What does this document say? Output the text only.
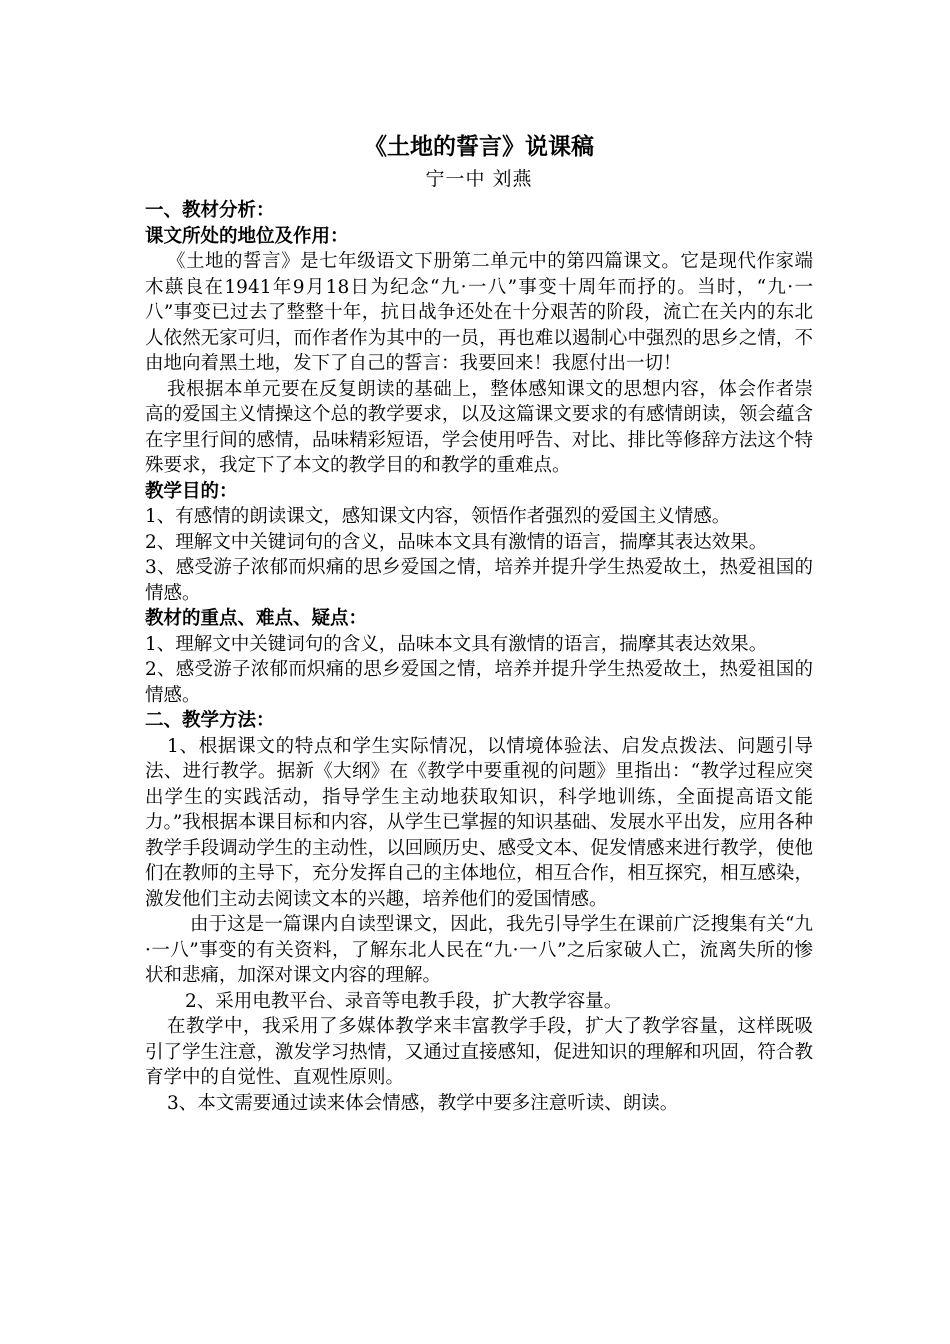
《土地的誓言》说课稿

宁一中 刘燕

一、教材分析：

课文所处的地位及作用：

《土地的誓言》是七年级语文下册第二单元中的第四篇课文。它是现代作家端木蕻良在1941年9月18日为纪念“九·一八”事变十周年而抒的。当时，“九·一八”事变已过去了整整十年，抗日战争还处在十分艰苦的阶段，流亡在关内的东北人依然无家可归，而作者作为其中的一员，再也难以遏制心中强烈的思乡之情，不由地向着黑土地，发下了自己的誓言：我要回来！我愿付出一切！

我根据本单元要在反复朗读的基础上，整体感知课文的思想内容，体会作者崇高的爱国主义情操这个总的教学要求，以及这篇课文要求的有感情朗读，领会蕴含在字里行间的感情，品味精彩短语，学会使用呼告、对比、排比等修辞方法这个特殊要求，我定下了本文的教学目的和教学的重难点。

教学目的：

1、有感情的朗读课文，感知课文内容，领悟作者强烈的爱国主义情感。

2、理解文中关键词句的含义，品味本文具有激情的语言，揣摩其表达效果。

3、感受游子浓郁而炽痛的思乡爱国之情，培养并提升学生热爱故土，热爱祖国的情感。

教材的重点、难点、疑点：

1、理解文中关键词句的含义，品味本文具有激情的语言，揣摩其表达效果。

2、感受游子浓郁而炽痛的思乡爱国之情，培养并提升学生热爱故土，热爱祖国的情感。

二、教学方法：

1、根据课文的特点和学生实际情况，以情境体验法、启发点拨法、问题引导法、进行教学。据新《大纲》在《教学中要重视的问题》里指出：“教学过程应突出学生的实践活动，指导学生主动地获取知识，科学地训练，全面提高语文能力。”我根据本课目标和内容，从学生已掌握的知识基础、发展水平出发，应用各种教学手段调动学生的主动性，以回顾历史、感受文本、促发情感来进行教学，使他们在教师的主导下，充分发挥自己的主体地位，相互合作，相互探究，相互感染，激发他们主动去阅读文本的兴趣，培养他们的爱国情感。

由于这是一篇课内自读型课文，因此，我先引导学生在课前广泛搜集有关“九·一八”事变的有关资料，了解东北人民在“九·一八”之后家破人亡，流离失所的惨状和悲痛，加深对课文内容的理解。

2、采用电教平台、录音等电教手段，扩大教学容量。

在教学中，我采用了多媒体教学来丰富教学手段，扩大了教学容量，这样既吸引了学生注意，激发学习热情，又通过直接感知，促进知识的理解和巩固，符合教育学中的自觉性、直观性原则。

3、本文需要通过读来体会情感，教学中要多注意听读、朗读。
